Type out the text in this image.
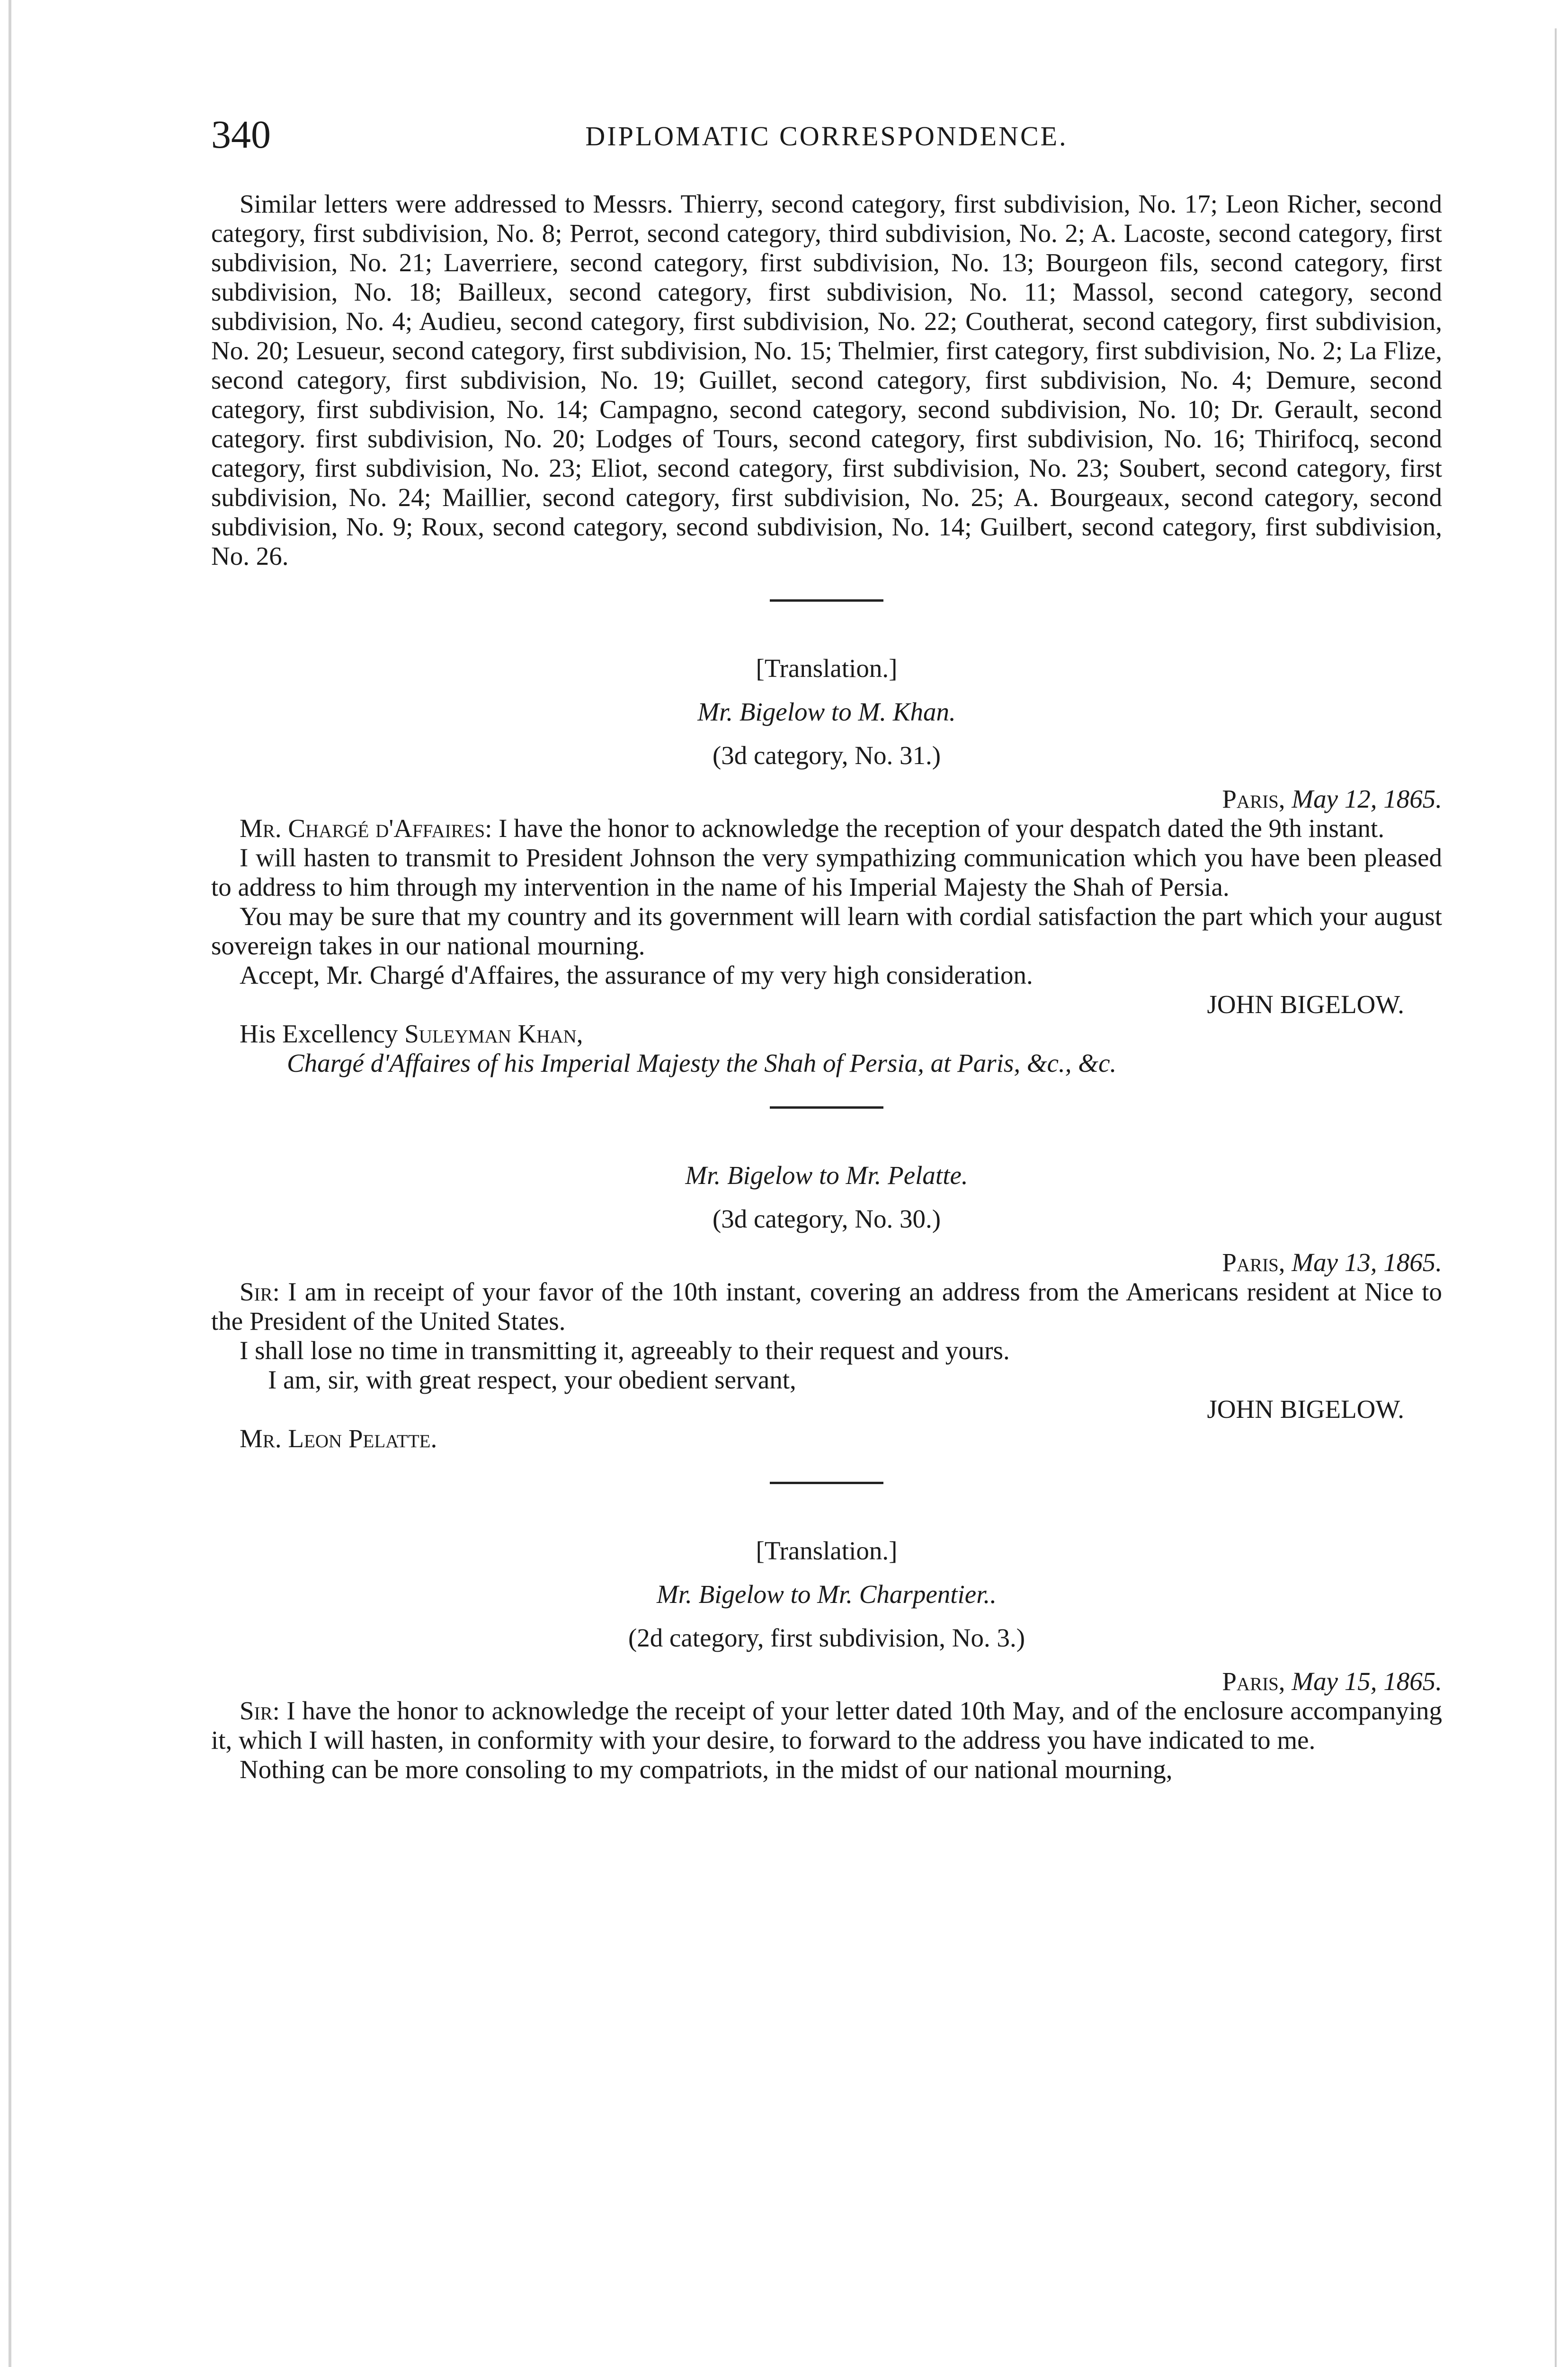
340	DIPLOMATIC CORRESPONDENCE.

Similar letters were addressed to Messrs. Thierry, second category, first subdivision, No. 17; Leon Richer, second category, first subdivision, No. 8; Perrot, second category, third subdivision, No. 2; A. Lacoste, second category, first subdivision, No. 21; Laverriere, second category, first subdivision, No. 13; Bourgeon fils, second category, first subdivision, No. 18; Bailleux, second category, first subdivision, No. 11; Massol, second category, second subdivision, No. 4; Audieu, second category, first subdivision, No. 22; Coutherat, second category, first subdivision, No. 20; Lesueur, second category, first subdivision, No. 15; Thelmier, first category, first subdivision, No. 2; La Flize, second category, first subdivision, No. 19; Guillet, second category, first subdivision, No. 4; Demure, second category, first subdivision, No. 14; Campagno, second category, second subdivision, No. 10; Dr. Gerault, second category. first subdivision, No. 20; Lodges of Tours, second category, first subdivision, No. 16; Thirifocq, second category, first subdivision, No. 23; Eliot, second category, first subdivision, No. 23; Soubert, second category, first subdivision, No. 24; Maillier, second category, first subdivision, No. 25; A. Bourgeaux, second category, second subdivision, No. 9; Roux, second category, second subdivision, No. 14; Guilbert, second category, first subdivision, No. 26.

[Translation.]

Mr. Bigelow to M. Khan.

(3d category, No. 31.)

Paris, May 12, 1865.

Mr. Chargé d'Affaires: I have the honor to acknowledge the reception of your despatch dated the 9th instant.

I will hasten to transmit to President Johnson the very sympathizing communication which you have been pleased to address to him through my intervention in the name of his Imperial Majesty the Shah of Persia.

You may be sure that my country and its government will learn with cordial satisfaction the part which your august sovereign takes in our national mourning.

Accept, Mr. Chargé d'Affaires, the assurance of my very high consideration.

JOHN BIGELOW.

His Excellency Suleyman Khan,

Chargé d'Affaires of his Imperial Majesty the Shah of Persia, at Paris, &c., &c.

Mr. Bigelow to Mr. Pelatte.

(3d category, No. 30.)

Paris, May 13, 1865.

Sir: I am in receipt of your favor of the 10th instant, covering an address from the Americans resident at Nice to the President of the United States.

I shall lose no time in transmitting it, agreeably to their request and yours.

I am, sir, with great respect, your obedient servant,

JOHN BIGELOW.

Mr. Leon Pelatte.

[Translation.]

Mr. Bigelow to Mr. Charpentier..

(2d category, first subdivision, No. 3.)

Paris, May 15, 1865.

Sir: I have the honor to acknowledge the receipt of your letter dated 10th May, and of the enclosure accompanying it, which I will hasten, in conformity with your desire, to forward to the address you have indicated to me.

Nothing can be more consoling to my compatriots, in the midst of our national mourning,
